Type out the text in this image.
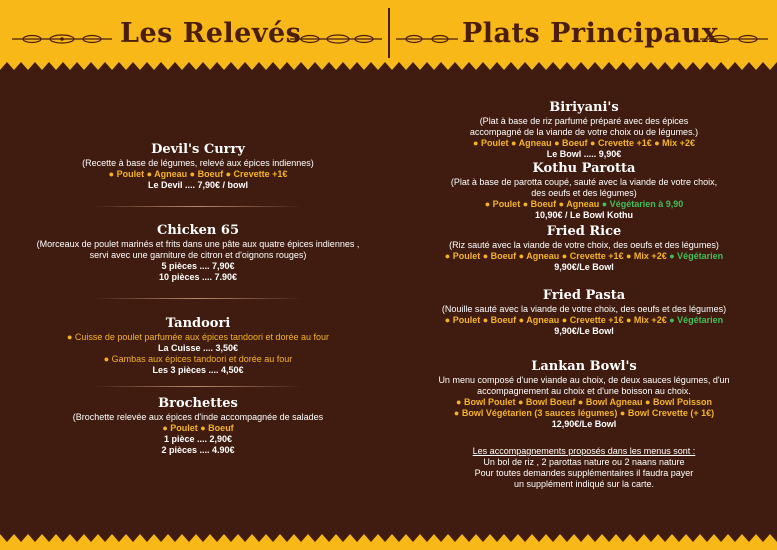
Les Relevés	Plats Principaux
Devil's Curry
(Recette à base de légumes, relevé aux épices indiennes)
● Poulet ● Agneau ● Boeuf ● Crevette +1€
Le Devil .... 7,90€ / bowl
Chicken 65
(Morceaux de poulet marinés et frits dans une pâte aux quatre épices indiennes ,
servi avec une garniture de citron et d'oignons rouges)
5 pièces .... 7,90€
10 pièces .... 7.90€
Tandoori
● Cuisse de poulet parfumée aux épices tandoori et dorée au four
La Cuisse .... 3,50€
● Gambas aux épices tandoori et dorée au four
Les 3 pièces .... 4,50€
Brochettes
(Brochette relevée aux épices d'inde accompagnée de salades
● Poulet ● Boeuf
1 pièce .... 2,90€
2 pièces .... 4.90€
Biriyani's
(Plat à base de riz parfumé préparé avec des épices
accompagné de la viande de votre choix ou de légumes.)
● Poulet ● Agneau ● Boeuf ● Crevette +1€ ● Mix +2€
Le Bowl ..... 9,90€
Kothu Parotta
(Plat à base de parotta coupé, sauté avec la viande de votre choix,
des oeufs et des légumes)
● Poulet ● Boeuf ● Agneau ● Végétarien à 9,90
10,90€ / Le Bowl Kothu
Fried Rice
(Riz sauté avec la viande de votre choix, des oeufs et des légumes)
● Poulet ● Boeuf ● Agneau ● Crevette +1€ ● Mix +2€ ● Végétarien
9,90€/Le Bowl
Fried Pasta
(Nouille sauté avec la viande de votre choix, des oeufs et des légumes)
● Poulet ● Boeuf ● Agneau ● Crevette +1€ ● Mix +2€ ● Végétarien
9,90€/Le Bowl
Lankan Bowl's
Un menu composé d'une viande au choix, de deux sauces légumes, d'un
accompagnement au choix et d'une boisson au choix.
● Bowl Poulet ● Bowl Boeuf ● Bowl Agneau ● Bowl Poisson
● Bowl Végétarien (3 sauces légumes) ● Bowl Crevette (+ 1€)
12,90€/Le Bowl
Les accompagnements proposés dans les menus sont :
Un bol de riz , 2 parottas nature ou 2 naans nature
Pour toutes demandes supplémentaires il faudra payer
un supplément indiqué sur la carte.
